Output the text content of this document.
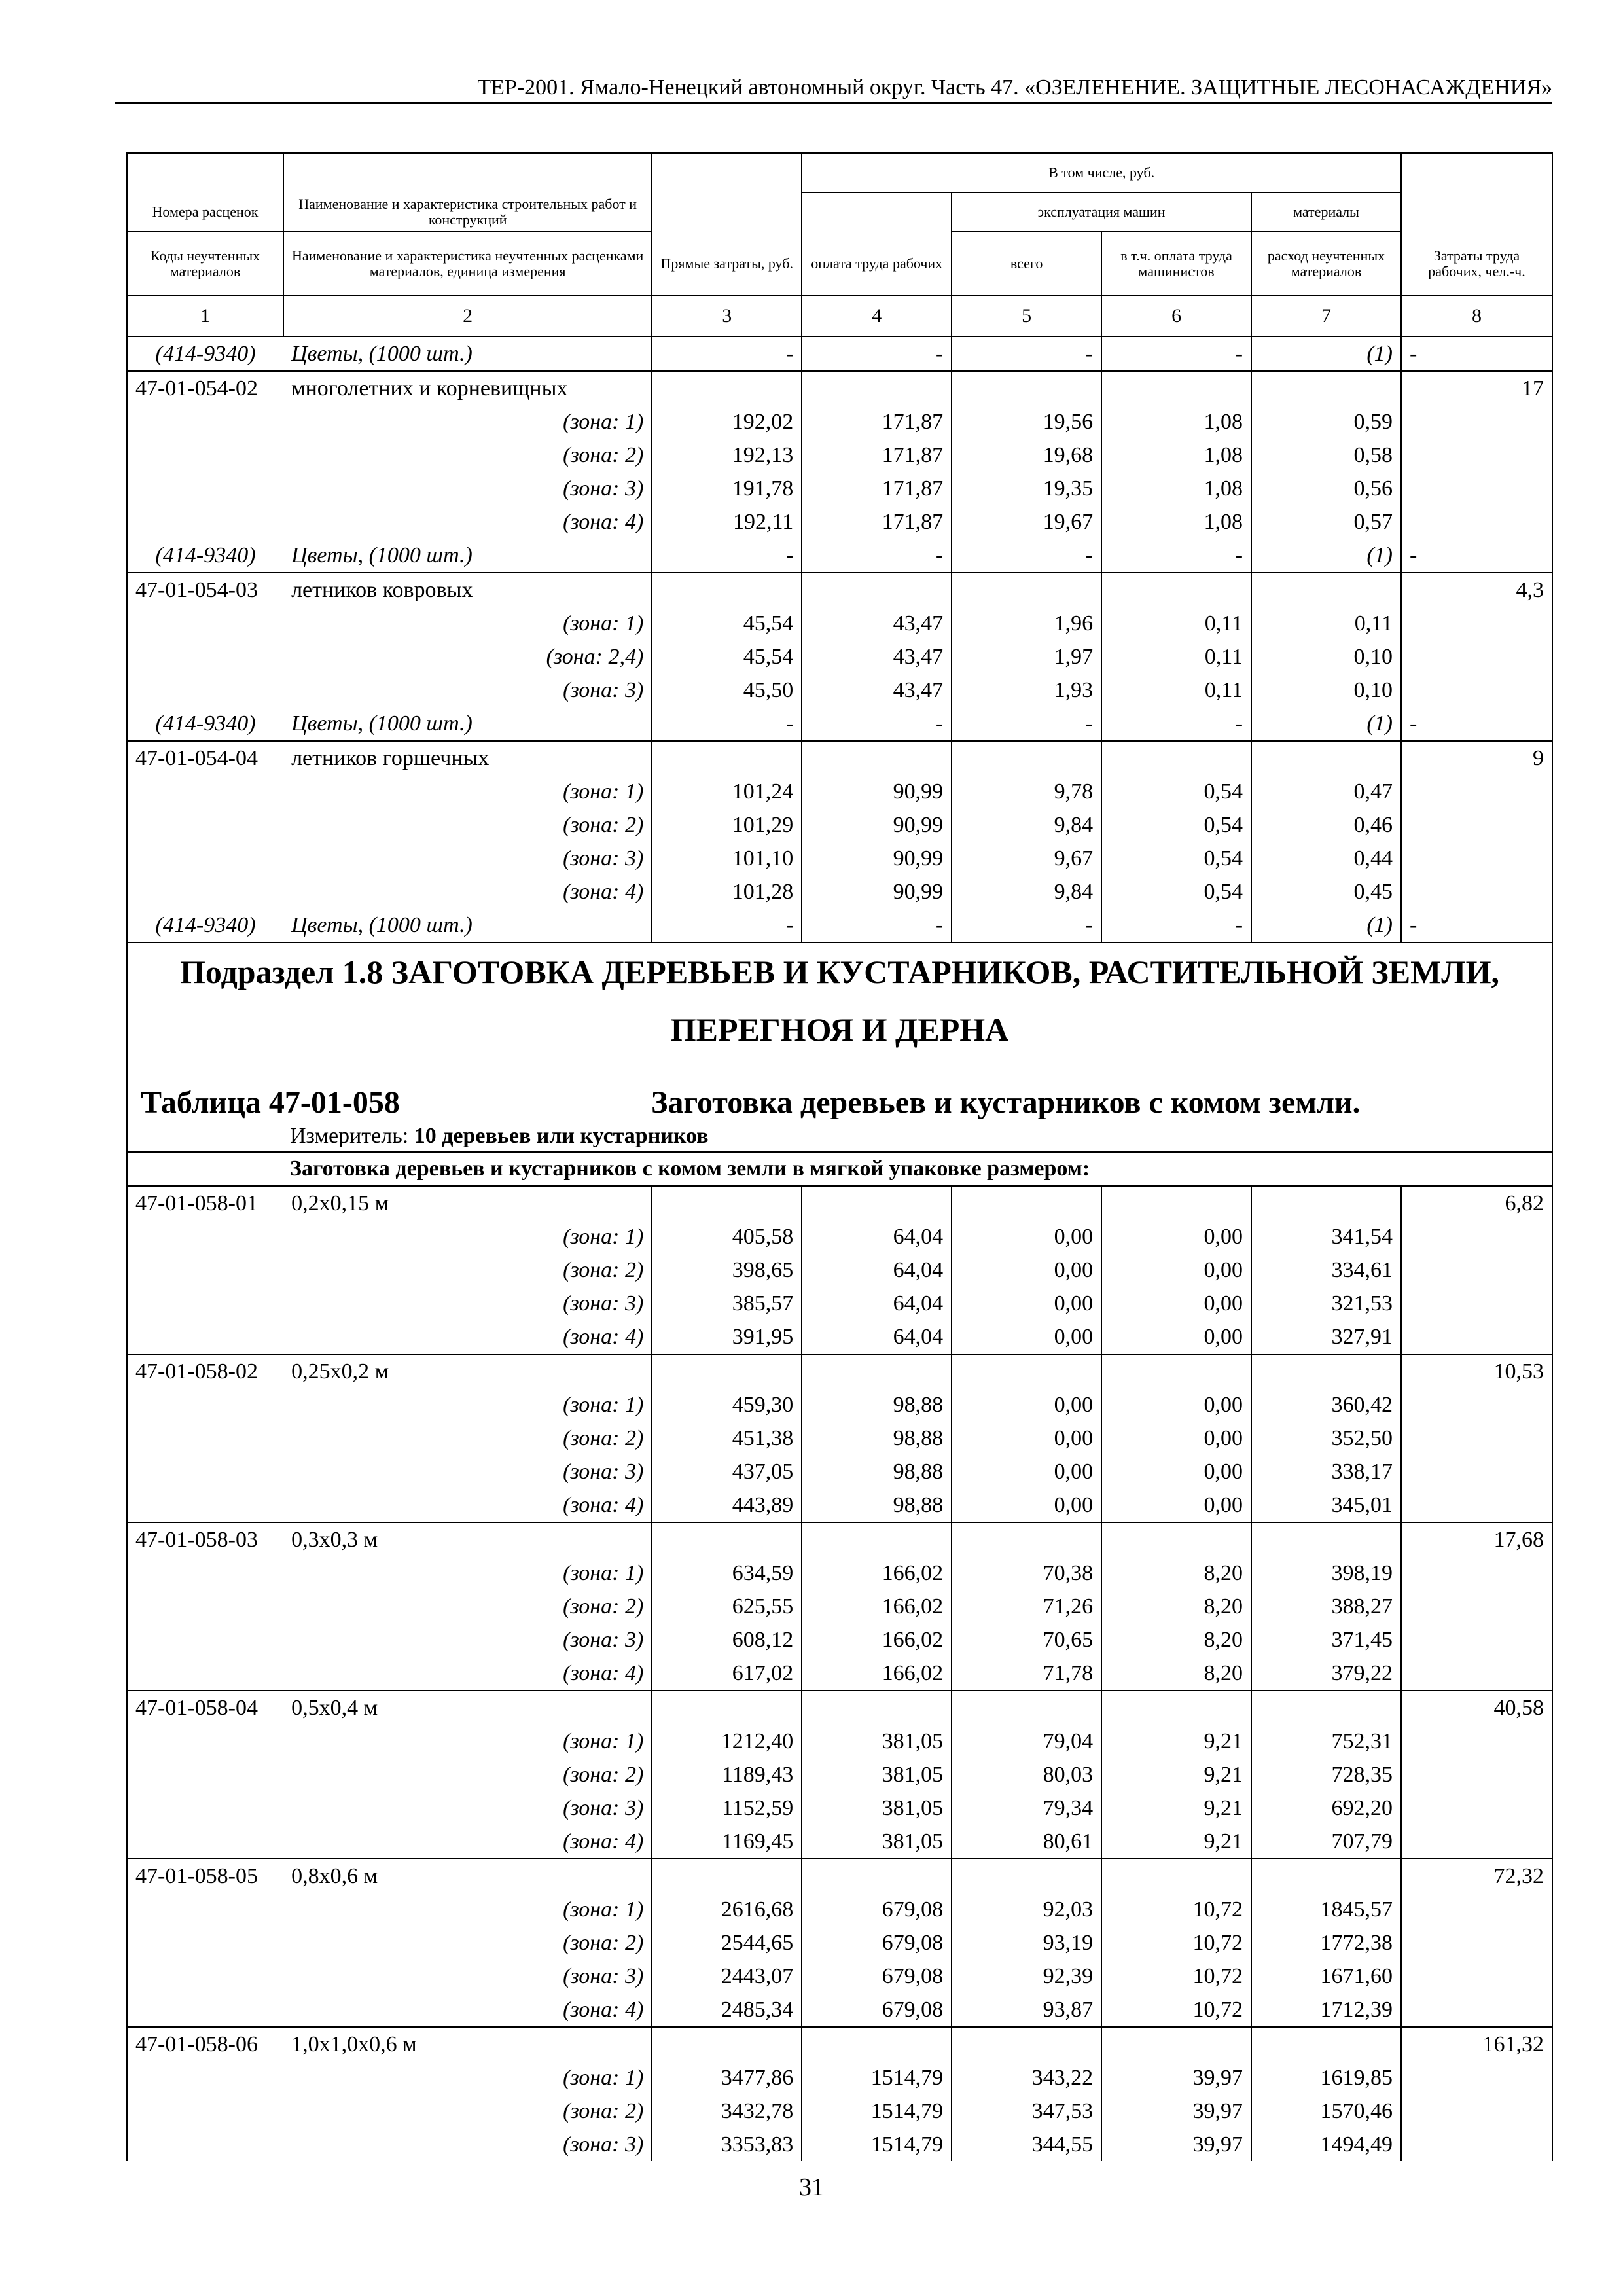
ТЕР-2001. Ямало-Ненецкий автономный округ. Часть 47. «ОЗЕЛЕНЕНИЕ. ЗАЩИТНЫЕ ЛЕСОНАСАЖДЕНИЯ»
			В том числе, руб.				
Номера расценок	Наименование и характеристика строительных работ и конструкций			эксплуатация машин		материалы	
Коды неучтенных материалов	Наименование и характеристика неучтенных расценками материалов, единица измерения	Прямые затраты, руб.	оплата труда рабочих	всего	в т.ч. оплата труда машинистов	расход неучтенных материалов	Затраты труда рабочих, чел.-ч.
1	2	3	4	5	6	7	8
(414-9340)	Цветы, (1000 шт.)	-	-	-	-	(1)	-
47-01-054-02	многолетних и корневищных						17
	(зона: 1)	192,02	171,87	19,56	1,08	0,59	
	(зона: 2)	192,13	171,87	19,68	1,08	0,58	
	(зона: 3)	191,78	171,87	19,35	1,08	0,56	
	(зона: 4)	192,11	171,87	19,67	1,08	0,57	
(414-9340)	Цветы, (1000 шт.)	-	-	-	-	(1)	-
47-01-054-03	летников ковровых						4,3
	(зона: 1)	45,54	43,47	1,96	0,11	0,11	
	(зона: 2,4)	45,54	43,47	1,97	0,11	0,10	
	(зона: 3)	45,50	43,47	1,93	0,11	0,10	
(414-9340)	Цветы, (1000 шт.)	-	-	-	-	(1)	-
47-01-054-04	летников горшечных						9
	(зона: 1)	101,24	90,99	9,78	0,54	0,47	
	(зона: 2)	101,29	90,99	9,84	0,54	0,46	
	(зона: 3)	101,10	90,99	9,67	0,54	0,44	
	(зона: 4)	101,28	90,99	9,84	0,54	0,45	
(414-9340)	Цветы, (1000 шт.)	-	-	-	-	(1)	-
Подраздел 1.8 ЗАГОТОВКА ДЕРЕВЬЕВ И КУСТАРНИКОВ, РАСТИТЕЛЬНОЙ ЗЕМЛИ,							
ПЕРЕГНОЯ И ДЕРНА							

Таблица 47-01-058 Заготовка деревьев и кустарников с комом земли.							
Измеритель: 10 деревьев или кустарников							
Заготовка деревьев и кустарников с комом земли в мягкой упаковке размером:							
47-01-058-01	0,2x0,15 м						6,82
	(зона: 1)	405,58	64,04	0,00	0,00	341,54	
	(зона: 2)	398,65	64,04	0,00	0,00	334,61	
	(зона: 3)	385,57	64,04	0,00	0,00	321,53	
	(зона: 4)	391,95	64,04	0,00	0,00	327,91	
47-01-058-02	0,25x0,2 м						10,53
	(зона: 1)	459,30	98,88	0,00	0,00	360,42	
	(зона: 2)	451,38	98,88	0,00	0,00	352,50	
	(зона: 3)	437,05	98,88	0,00	0,00	338,17	
	(зона: 4)	443,89	98,88	0,00	0,00	345,01	
47-01-058-03	0,3x0,3 м						17,68
	(зона: 1)	634,59	166,02	70,38	8,20	398,19	
	(зона: 2)	625,55	166,02	71,26	8,20	388,27	
	(зона: 3)	608,12	166,02	70,65	8,20	371,45	
	(зона: 4)	617,02	166,02	71,78	8,20	379,22	
47-01-058-04	0,5x0,4 м						40,58
	(зона: 1)	1212,40	381,05	79,04	9,21	752,31	
	(зона: 2)	1189,43	381,05	80,03	9,21	728,35	
	(зона: 3)	1152,59	381,05	79,34	9,21	692,20	
	(зона: 4)	1169,45	381,05	80,61	9,21	707,79	
47-01-058-05	0,8x0,6 м						72,32
	(зона: 1)	2616,68	679,08	92,03	10,72	1845,57	
	(зона: 2)	2544,65	679,08	93,19	10,72	1772,38	
	(зона: 3)	2443,07	679,08	92,39	10,72	1671,60	
	(зона: 4)	2485,34	679,08	93,87	10,72	1712,39	
47-01-058-06	1,0x1,0x0,6 м						161,32
	(зона: 1)	3477,86	1514,79	343,22	39,97	1619,85	
	(зона: 2)	3432,78	1514,79	347,53	39,97	1570,46	
	(зона: 3)	3353,83	1514,79	344,55	39,97	1494,49	
31
